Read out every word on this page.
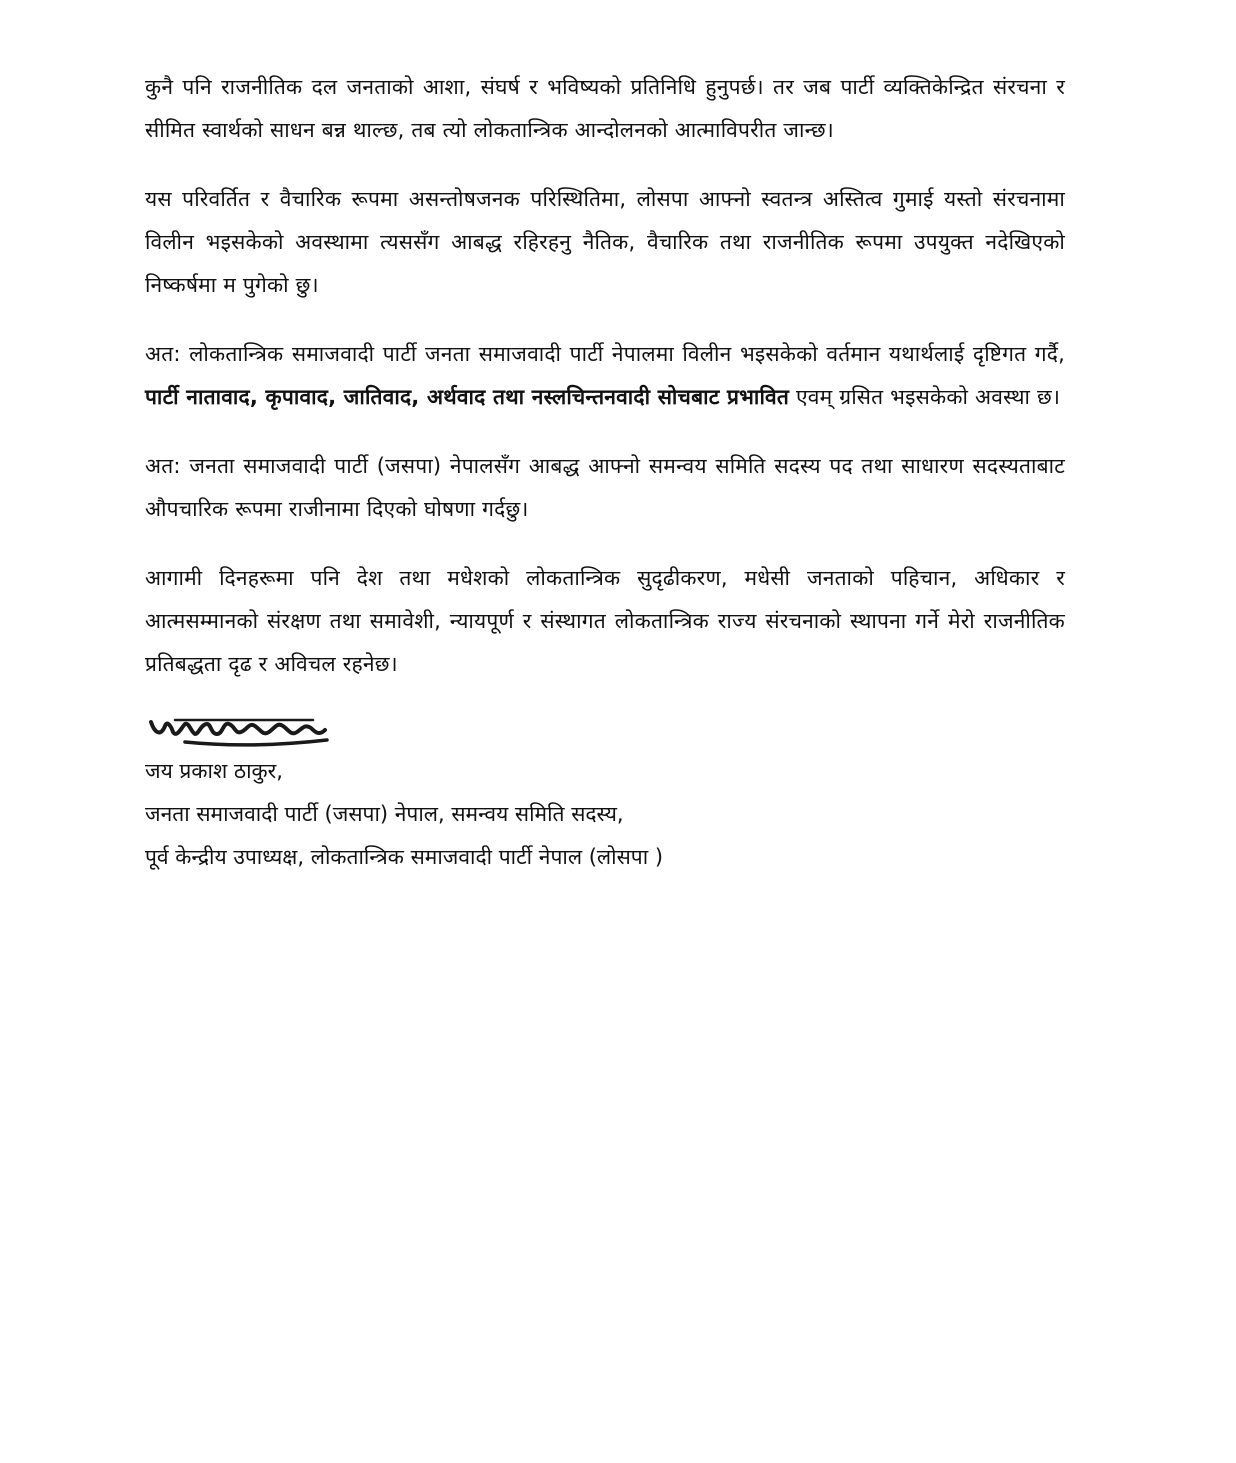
कुनै पनि राजनीतिक दल जनताको आशा, संघर्ष र भविष्यको प्रतिनिधि हुनुपर्छ। तर जब पार्टी व्यक्तिकेन्द्रित संरचना र सीमित स्वार्थको साधन बन्न थाल्छ, तब त्यो लोकतान्त्रिक आन्दोलनको आत्माविपरीत जान्छ।

यस परिवर्तित र वैचारिक रूपमा असन्तोषजनक परिस्थितिमा, लोसपा आफ्नो स्वतन्त्र अस्तित्व गुमाई यस्तो संरचनामा विलीन भइसकेको अवस्थामा त्यससँग आबद्ध रहिरहनु नैतिक, वैचारिक तथा राजनीतिक रूपमा उपयुक्त नदेखिएको निष्कर्षमा म पुगेको छु।

अत: लोकतान्त्रिक समाजवादी पार्टी जनता समाजवादी पार्टी नेपालमा विलीन भइसकेको वर्तमान यथार्थलाई दृष्टिगत गर्दै, पार्टी नातावाद, कृपावाद, जातिवाद, अर्थवाद तथा नस्लचिन्तनवादी सोचबाट प्रभावित एवम् ग्रसित भइसकेको अवस्था छ।

अत: जनता समाजवादी पार्टी (जसपा) नेपालसँग आबद्ध आफ्नो समन्वय समिति सदस्य पद तथा साधारण सदस्यताबाट औपचारिक रूपमा राजीनामा दिएको घोषणा गर्दछु।

आगामी दिनहरूमा पनि देश तथा मधेशको लोकतान्त्रिक सुदृढीकरण, मधेसी जनताको पहिचान, अधिकार र आत्मसम्मानको संरक्षण तथा समावेशी, न्यायपूर्ण र संस्थागत लोकतान्त्रिक राज्य संरचनाको स्थापना गर्ने मेरो राजनीतिक प्रतिबद्धता दृढ र अविचल रहनेछ।

जय प्रकाश ठाकुर,

जनता समाजवादी पार्टी (जसपा) नेपाल, समन्वय समिति सदस्य,

पूर्व केन्द्रीय उपाध्यक्ष, लोकतान्त्रिक समाजवादी पार्टी नेपाल (लोसपा )
